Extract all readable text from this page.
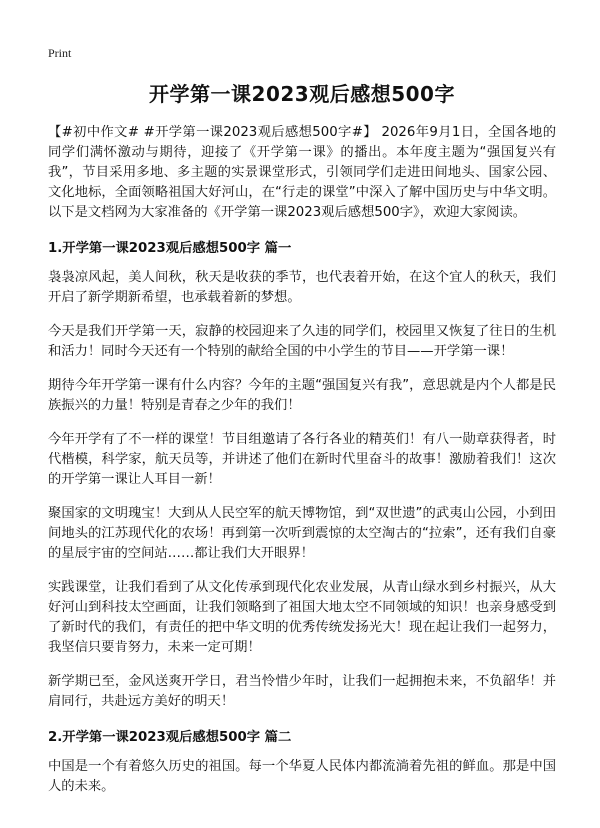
Print
开学第一课2023观后感想500字

【#初中作文# #开学第一课2023观后感想500字#】 2026年9月1日，全国各地的同学们满怀激动与期待，迎接了《开学第一课》的播出。本年度主题为“强国复兴有我”，节目采用多地、多主题的实景课堂形式，引领同学们走进田间地头、国家公园、文化地标，全面领略祖国大好河山，在“行走的课堂”中深入了解中国历史与中华文明。以下是文档网为大家准备的《开学第一课2023观后感想500字》，欢迎大家阅读。

1.开学第一课2023观后感想500字 篇一

袅袅凉风起，美人间秋，秋天是收获的季节，也代表着开始，在这个宜人的秋天，我们开启了新学期新希望，也承载着新的梦想。

今天是我们开学第一天，寂静的校园迎来了久违的同学们，校园里又恢复了往日的生机和活力！同时今天还有一个特别的献给全国的中小学生的节目——开学第一课！

期待今年开学第一课有什么内容？今年的主题“强国复兴有我”，意思就是内个人都是民族振兴的力量！特别是青春之少年的我们！

今年开学有了不一样的课堂！节目组邀请了各行各业的精英们！有八一勋章获得者，时代楷模，科学家，航天员等，并讲述了他们在新时代里奋斗的故事！激励着我们！这次的开学第一课让人耳目一新！

聚国家的文明瑰宝！大到从人民空军的航天博物馆，到“双世遗”的武夷山公园，小到田间地头的江苏现代化的农场！再到第一次听到震惊的太空淘古的“拉索”，还有我们自豪的星辰宇宙的空间站……都让我们大开眼界！

实践课堂，让我们看到了从文化传承到现代化农业发展，从青山绿水到乡村振兴，从大好河山到科技太空画面，让我们领略到了祖国大地太空不同领域的知识！也亲身感受到了新时代的我们，有责任的把中华文明的优秀传统发扬光大！现在起让我们一起努力，我坚信只要肯努力，未来一定可期！

新学期已至，金风送爽开学日，君当怜惜少年时，让我们一起拥抱未来，不负韶华！并肩同行，共赴远方美好的明天！

2.开学第一课2023观后感想500字 篇二

中国是一个有着悠久历史的祖国。每一个华夏人民体内都流淌着先祖的鲜血。那是中国人的未来。
